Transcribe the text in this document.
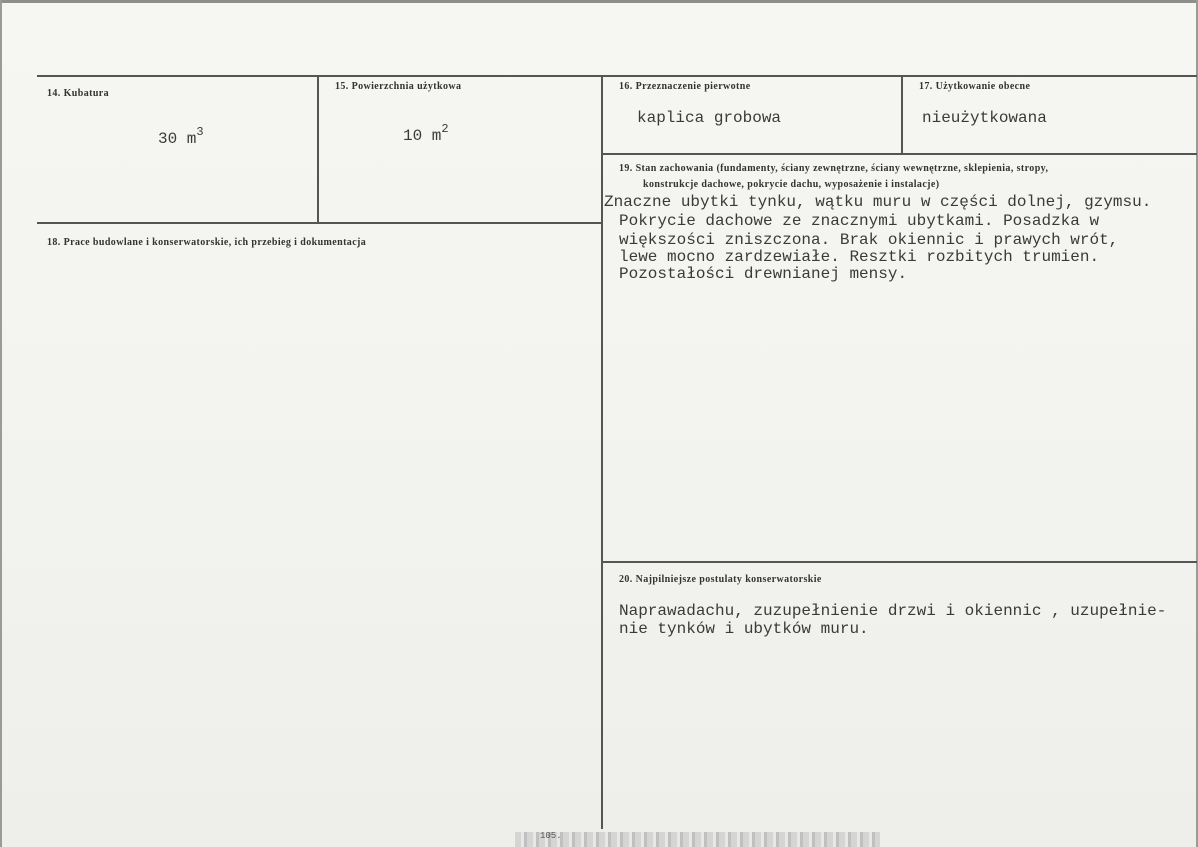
14. Kubatura
30 $m^3$
15. Powierzchnia użytkowa
10 $m^2$
16. Przeznaczenie pierwotne
kaplica grobowa
17. Użytkowanie obecne
nieużytkowana
18. Prace budowlane i konserwatorskie, ich przebieg i dokumentacja
19. Stan zachowania (fundamenty, ściany zewnętrzne, ściany wewnętrzne, sklepienia, stropy,
konstrukcje dachowe, pokrycie dachu, wyposażenie i instalacje)
Znaczne ubytki tynku, wątku muru w części dolnej, gzymsu.
Pokrycie dachowe ze znacznymi ubytkami. Posadzka w
większości zniszczona. Brak okiennic i prawych wrót,
lewe mocno zardzewiałe. Resztki rozbitych trumien.
Pozostałości drewnianej mensy.
20. Najpilniejsze postulaty konserwatorskie
Naprawadachu, zuzupełnienie drzwi i okiennic , uzupełnie-
nie tynków i ubytków muru.
105.
